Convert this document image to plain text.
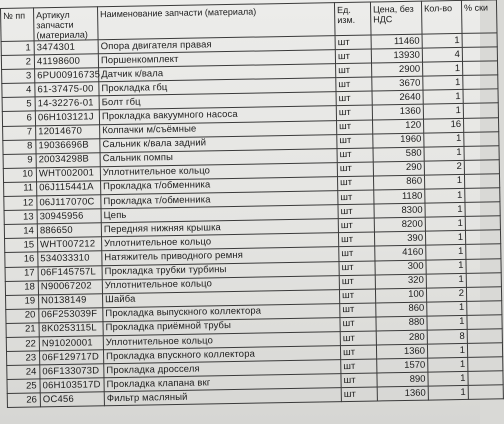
№ пп	Артикул запчасти (материала)	Наименование запчасти (материала)	Ед. изм.	Цена, без НДС	Кол-во	% ски
1	3474301	Опора двигателя правая	шт	11460	1	
2	41198600	Поршенкомплект	шт	13930	4	
3	6PU00916735	Датчик к/вала	шт	2900	1	
4	61-37475-00	Прокладка гбц	шт	3670	1	
5	14-32276-01	Болт гбц	шт	2640	1	
6	06H103121J	Прокладка вакуумного насоса	шт	1360	1	
7	12014670	Колпачки м/съёмные	шт	120	16	
8	19036696B	Сальник к/вала задний	шт	1960	1	
9	20034298B	Сальник помпы	шт	580	1	
10	WHT002001	Уплотнительное кольцо	шт	290	2	
11	06J115441A	Прокладка т/обменника	шт	860	1	
12	06J117070C	Прокладка т/обменника	шт	1180	1	
13	30945956	Цепь	шт	8300	1	
14	886650	Передняя нижняя крышка	шт	8200	1	
15	WHT007212	Уплотнительное кольцо	шт	390	1	
16	534033310	Натяжитель приводного ремня	шт	4160	1	
17	06F145757L	Прокладка трубки турбины	шт	300	1	
18	N90067202	Уплотнительное кольцо	шт	320	1	
19	N0138149	Шайба	шт	100	2	
20	06F253039F	Прокладка выпускного коллектора	шт	860	1	
21	8K0253115L	Прокладка приёмной трубы	шт	880	1	
22	N91020001	Уплотнительное кольцо	шт	280	8	
23	06F129717D	Прокладка впускного коллектора	шт	1360	1	
24	06F133073D	Прокладка дросселя	шт	1570	1	
25	06H103517D	Прокладка клапана вкг	шт	890	1	
26	OC456	Фильтр масляный	шт	1360	1	
